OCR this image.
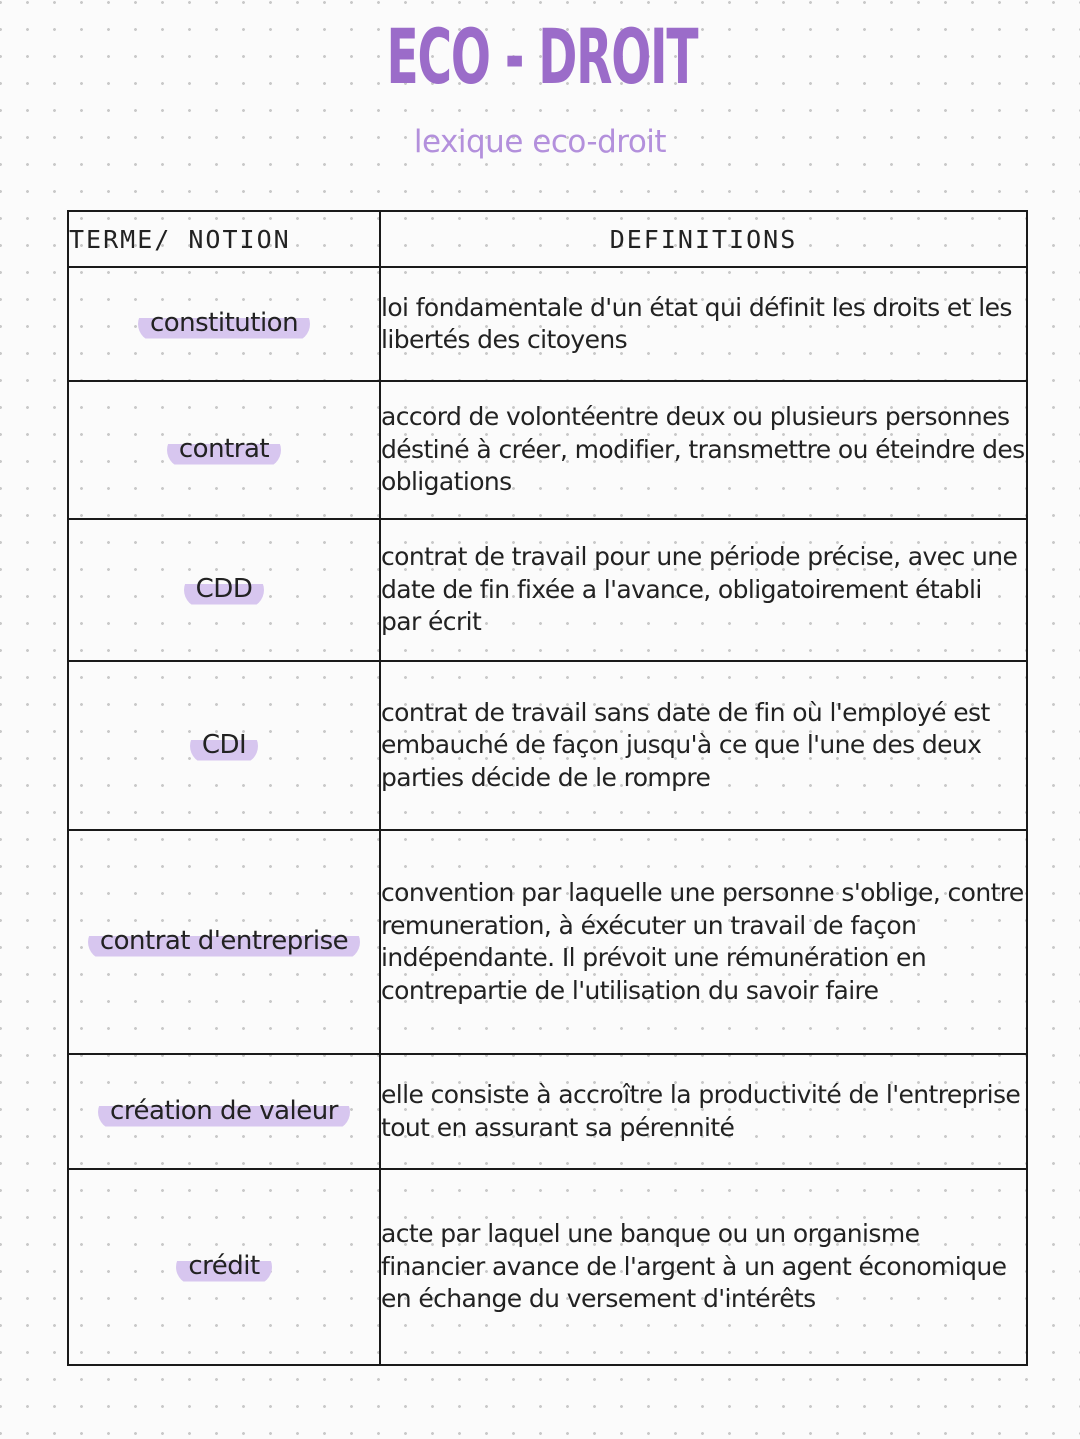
ECO - DROIT
lexique eco-droit
TERME/ NOTION	DEFINITIONS
constitution	loi fondamentale d'un état qui définit les droits et les libertés des citoyens
contrat	accord de volontéentre deux ou plusieurs personnes déstiné à créer, modifier, transmettre ou éteindre des obligations
CDD	contrat de travail pour une période précise, avec une date de fin fixée a l'avance, obligatoirement établi par écrit
CDI	contrat de travail sans date de fin où l'employé est embauché de façon jusqu'à ce que l'une des deux parties décide de le rompre
contrat d'entreprise	convention par laquelle une personne s'oblige, contre remuneration, à éxécuter un travail de façon indépendante. Il prévoit une rémunération en contrepartie de l'utilisation du savoir faire
création de valeur	elle consiste à accroître la productivité de l'entreprise tout en assurant sa pérennité
crédit	acte par laquel une banque ou un organisme financier avance de l'argent à un agent économique en échange du versement d'intérêts
